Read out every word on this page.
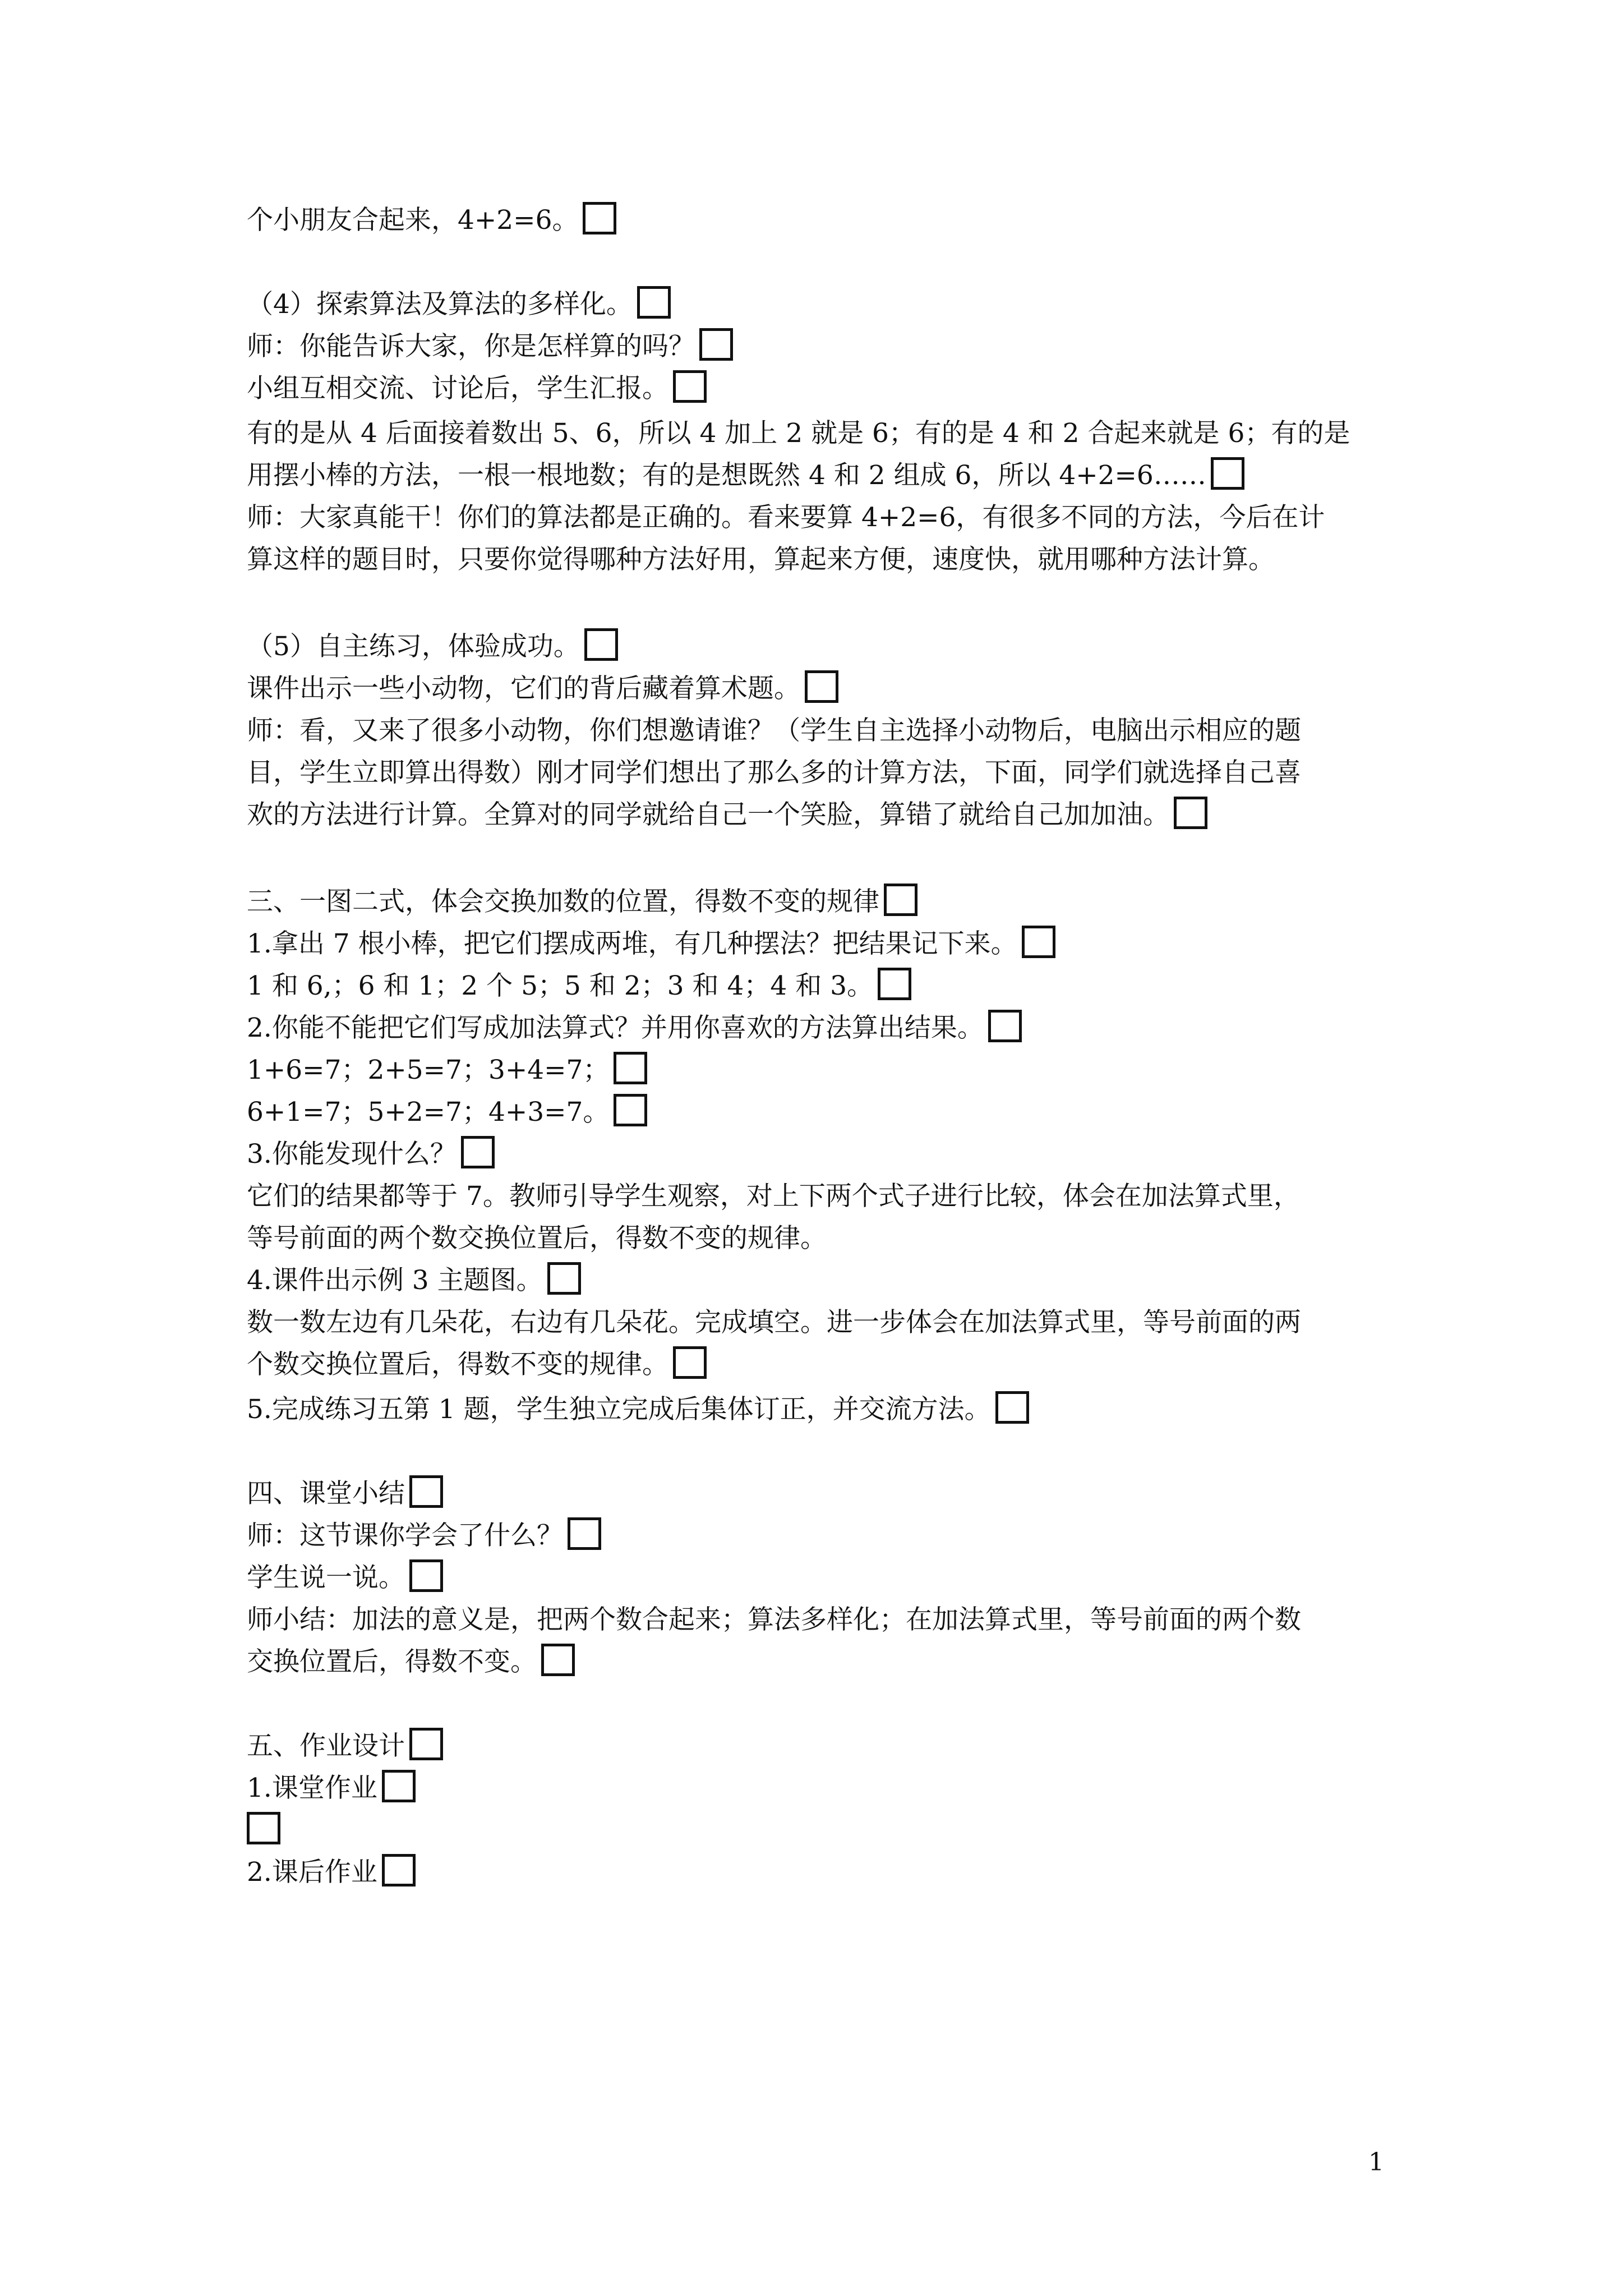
个小朋友合起来，4+2=6。
（4）探索算法及算法的多样化。
师：你能告诉大家，你是怎样算的吗？
小组互相交流、讨论后，学生汇报。
有的是从 4 后面接着数出 5、6，所以 4 加上 2 就是 6；有的是 4 和 2 合起来就是 6；有的是
用摆小棒的方法，一根一根地数；有的是想既然 4 和 2 组成 6，所以 4+2=6……
师：大家真能干！你们的算法都是正确的。看来要算 4+2=6，有很多不同的方法，今后在计
算这样的题目时，只要你觉得哪种方法好用，算起来方便，速度快，就用哪种方法计算。
（5）自主练习，体验成功。
课件出示一些小动物，它们的背后藏着算术题。
师：看，又来了很多小动物，你们想邀请谁？（学生自主选择小动物后，电脑出示相应的题
目，学生立即算出得数）刚才同学们想出了那么多的计算方法，下面，同学们就选择自己喜
欢的方法进行计算。全算对的同学就给自己一个笑脸，算错了就给自己加加油。
三、一图二式，体会交换加数的位置，得数不变的规律
1.拿出 7 根小棒，把它们摆成两堆，有几种摆法？把结果记下来。
1 和 6,；6 和 1；2 个 5；5 和 2；3 和 4；4 和 3。
2.你能不能把它们写成加法算式？并用你喜欢的方法算出结果。
1+6=7；2+5=7；3+4=7；
6+1=7；5+2=7；4+3=7。
3.你能发现什么？
它们的结果都等于 7。教师引导学生观察，对上下两个式子进行比较，体会在加法算式里，
等号前面的两个数交换位置后，得数不变的规律。
4.课件出示例 3 主题图。
数一数左边有几朵花，右边有几朵花。完成填空。进一步体会在加法算式里，等号前面的两
个数交换位置后，得数不变的规律。
5.完成练习五第 1 题，学生独立完成后集体订正，并交流方法。
四、课堂小结
师：这节课你学会了什么？
学生说一说。
师小结：加法的意义是，把两个数合起来；算法多样化；在加法算式里，等号前面的两个数
交换位置后，得数不变。
五、作业设计
1.课堂作业
2.课后作业
1
